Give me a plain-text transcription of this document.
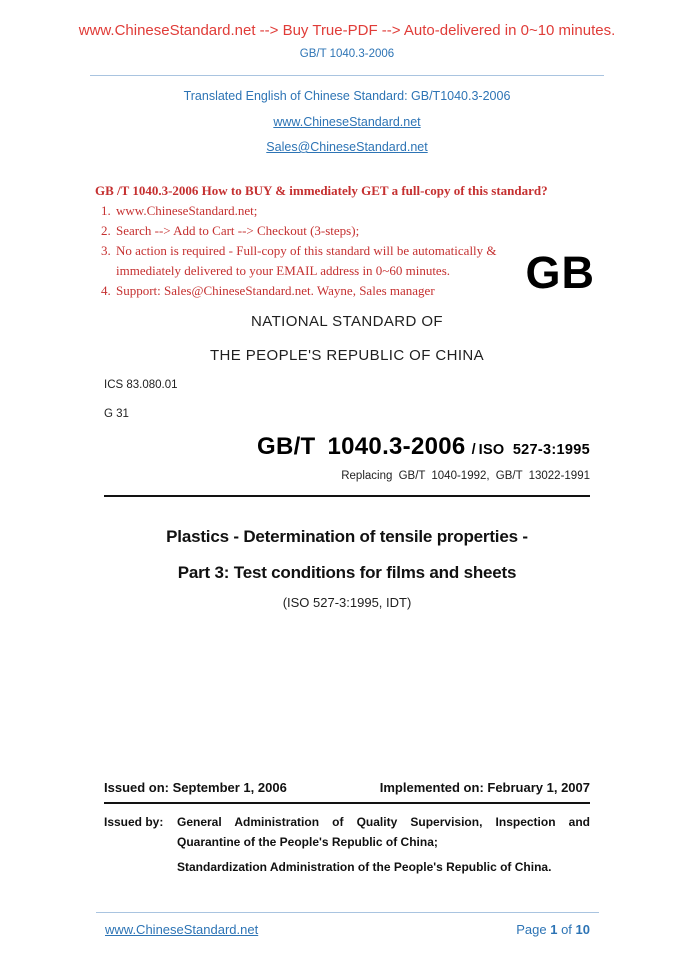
www.ChineseStandard.net --> Buy True-PDF --> Auto-delivered in 0~10 minutes.
GB/T 1040.3-2006
Translated English of Chinese Standard: GB/T1040.3-2006
www.ChineseStandard.net
Sales@ChineseStandard.net
GB /T 1040.3-2006 How to BUY & immediately GET a full-copy of this standard?
1. www.ChineseStandard.net;
2. Search --> Add to Cart --> Checkout (3-steps);
3. No action is required - Full-copy of this standard will be automatically & immediately delivered to your EMAIL address in 0~60 minutes.
4. Support: Sales@ChineseStandard.net. Wayne, Sales manager	GB
NATIONAL STANDARD OF
THE PEOPLE'S REPUBLIC OF CHINA
ICS 83.080.01
G 31
GB/T 1040.3-2006 / ISO 527-3:1995
Replacing GB/T 1040-1992, GB/T 13022-1991
Plastics - Determination of tensile properties -
Part 3: Test conditions for films and sheets
(ISO 527-3:1995, IDT)
Issued on: September 1, 2006	Implemented on: February 1, 2007
Issued by:	General Administration of Quality Supervision, Inspection and Quarantine of the People's Republic of China;

Standardization Administration of the People's Republic of China.

www.ChineseStandard.net	Page 1 of 10
